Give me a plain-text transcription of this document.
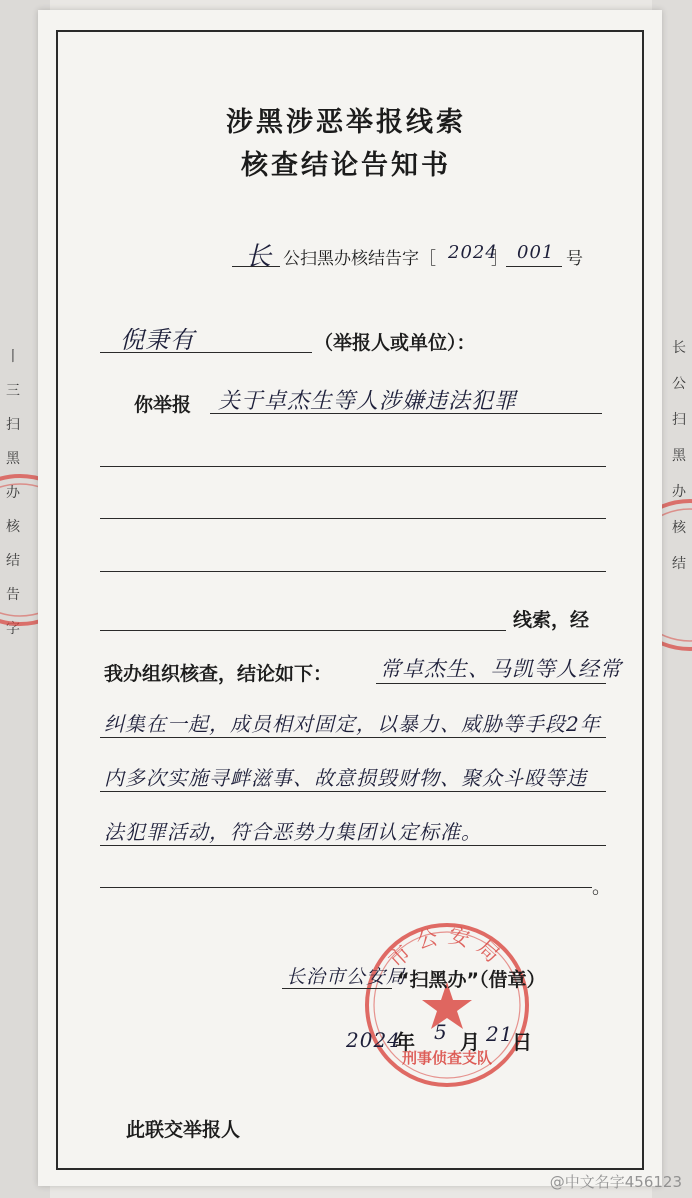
丨
三
扫
黑
办
核
结
告
字
长
公
扫
黑
办
核
结
涉黑涉恶举报线索
核查结论告知书
长 公扫黑办核结告字［ 2024
］ 001 号
倪秉有	（举报人或单位）：
你举报 关于卓杰生等人涉嫌违法犯罪
线索，经
我办组织核查，结论如下： 常卓杰生、马凯等人经常
纠集在一起，成员相对固定，以暴力、威胁等手段2年
内多次实施寻衅滋事、故意损毁财物、聚众斗殴等违
法犯罪活动，符合恶势力集团认定标准。
。
市公安局
刑事侦查支队
长治市公安局
“扫黑办”（借章）
2024
年 5 月 21
日
此联交举报人
@中文名字456123
